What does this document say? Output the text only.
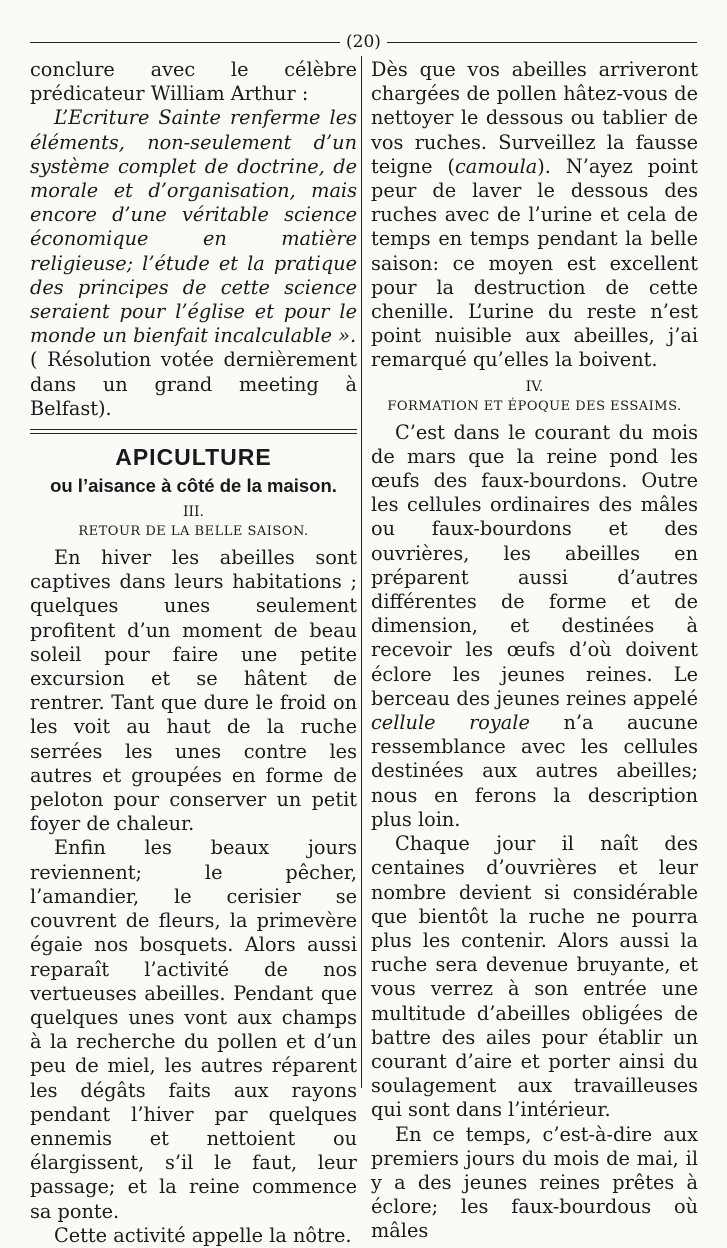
(20)

conclure avec le célèbre prédicateur William Arthur :

L’Ecriture Sainte renferme les éléments, non-seulement d’un système complet de doctrine, de morale et d’organisation, mais encore d’une véritable science économique en matière religieuse; l’étude et la pratique des principes de cette science seraient pour l’église et pour le monde un bienfait incalculable ».

( Résolution votée dernièrement dans un grand meeting à Belfast).

APICULTURE
ou l’aisance à côté de la maison.

III.

RETOUR DE LA BELLE SAISON.

En hiver les abeilles sont captives dans leurs habitations ; quelques unes seulement profitent d’un moment de beau soleil pour faire une petite excursion et se hâtent de rentrer. Tant que dure le froid on les voit au haut de la ruche serrées les unes contre les autres et groupées en forme de peloton pour conserver un petit foyer de chaleur.

Enfin les beaux jours reviennent; le pêcher, l’amandier, le cerisier se couvrent de fleurs, la primevère égaie nos bosquets. Alors aussi reparaît l’activité de nos vertueuses abeilles. Pendant que quelques unes vont aux champs à la recherche du pollen et d’un peu de miel, les autres réparent les dégâts faits aux rayons pendant l’hiver par quelques ennemis et nettoient ou élargissent, s’il le faut, leur passage; et la reine commence sa ponte.

Cette activité appelle la nôtre.

Dès que vos abeilles arriveront chargées de pollen hâtez-vous de nettoyer le dessous ou tablier de vos ruches. Surveillez la fausse teigne (camoula). N’ayez point peur de laver le dessous des ruches avec de l’urine et cela de temps en temps pendant la belle saison: ce moyen est excellent pour la destruction de cette chenille. L’urine du reste n’est point nuisible aux abeilles, j’ai remarqué qu’elles la boivent.

IV.

FORMATION ET ÉPOQUE DES ESSAIMS.

C’est dans le courant du mois de mars que la reine pond les œufs des faux-bourdons. Outre les cellules ordinaires des mâles ou faux-bourdons et des ouvrières, les abeilles en préparent aussi d’autres différentes de forme et de dimension, et destinées à recevoir les œufs d’où doivent éclore les jeunes reines. Le berceau des jeunes reines appelé cellule royale n’a aucune ressemblance avec les cellules destinées aux autres abeilles; nous en ferons la description plus loin.

Chaque jour il naît des centaines d’ouvrières et leur nombre devient si considérable que bientôt la ruche ne pourra plus les contenir. Alors aussi la ruche sera devenue bruyante, et vous verrez à son entrée une multitude d’abeilles obligées de battre des ailes pour établir un courant d’aire et porter ainsi du soulagement aux travailleuses qui sont dans l’intérieur.

En ce temps, c’est-à-dire aux premiers jours du mois de mai, il y a des jeunes reines prêtes à éclore; les faux-bourdous où mâles
